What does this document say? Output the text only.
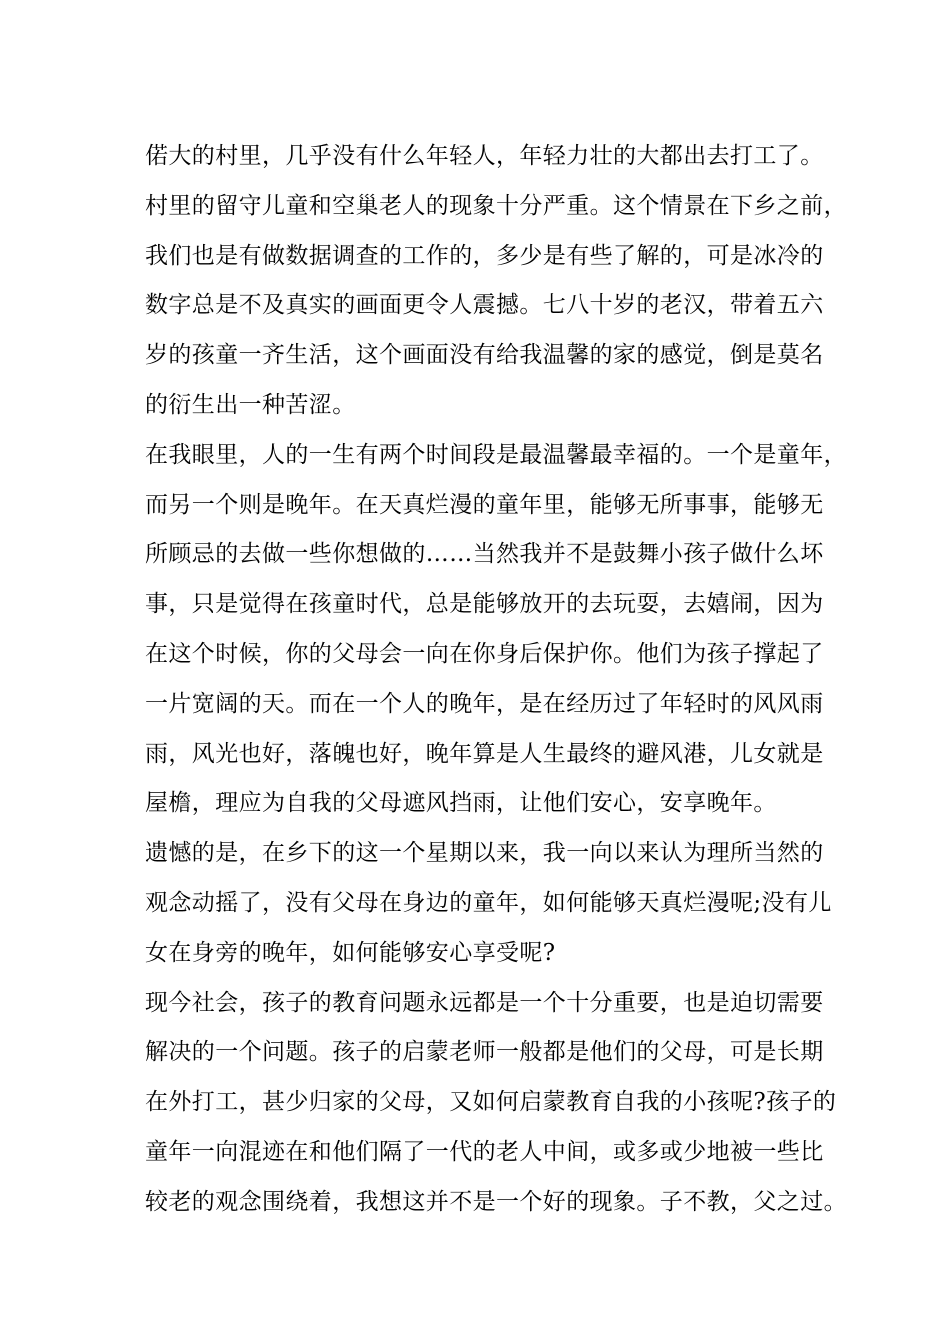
偌大的村里，几乎没有什么年轻人，年轻力壮的大都出去打工了。
村里的留守儿童和空巢老人的现象十分严重。这个情景在下乡之前，
我们也是有做数据调查的工作的，多少是有些了解的，可是冰冷的
数字总是不及真实的画面更令人震撼。七八十岁的老汉，带着五六
岁的孩童一齐生活，这个画面没有给我温馨的家的感觉，倒是莫名
的衍生出一种苦涩。
在我眼里，人的一生有两个时间段是最温馨最幸福的。一个是童年，
而另一个则是晚年。在天真烂漫的童年里，能够无所事事，能够无
所顾忌的去做一些你想做的……当然我并不是鼓舞小孩子做什么坏
事，只是觉得在孩童时代，总是能够放开的去玩耍，去嬉闹，因为
在这个时候，你的父母会一向在你身后保护你。他们为孩子撑起了
一片宽阔的天。而在一个人的晚年，是在经历过了年轻时的风风雨
雨，风光也好，落魄也好，晚年算是人生最终的避风港，儿女就是
屋檐，理应为自我的父母遮风挡雨，让他们安心，安享晚年。
遗憾的是，在乡下的这一个星期以来，我一向以来认为理所当然的
观念动摇了，没有父母在身边的童年，如何能够天真烂漫呢;没有儿
女在身旁的晚年，如何能够安心享受呢?
现今社会，孩子的教育问题永远都是一个十分重要，也是迫切需要
解决的一个问题。孩子的启蒙老师一般都是他们的父母，可是长期
在外打工，甚少归家的父母，又如何启蒙教育自我的小孩呢?孩子的
童年一向混迹在和他们隔了一代的老人中间，或多或少地被一些比
较老的观念围绕着，我想这并不是一个好的现象。子不教，父之过。
